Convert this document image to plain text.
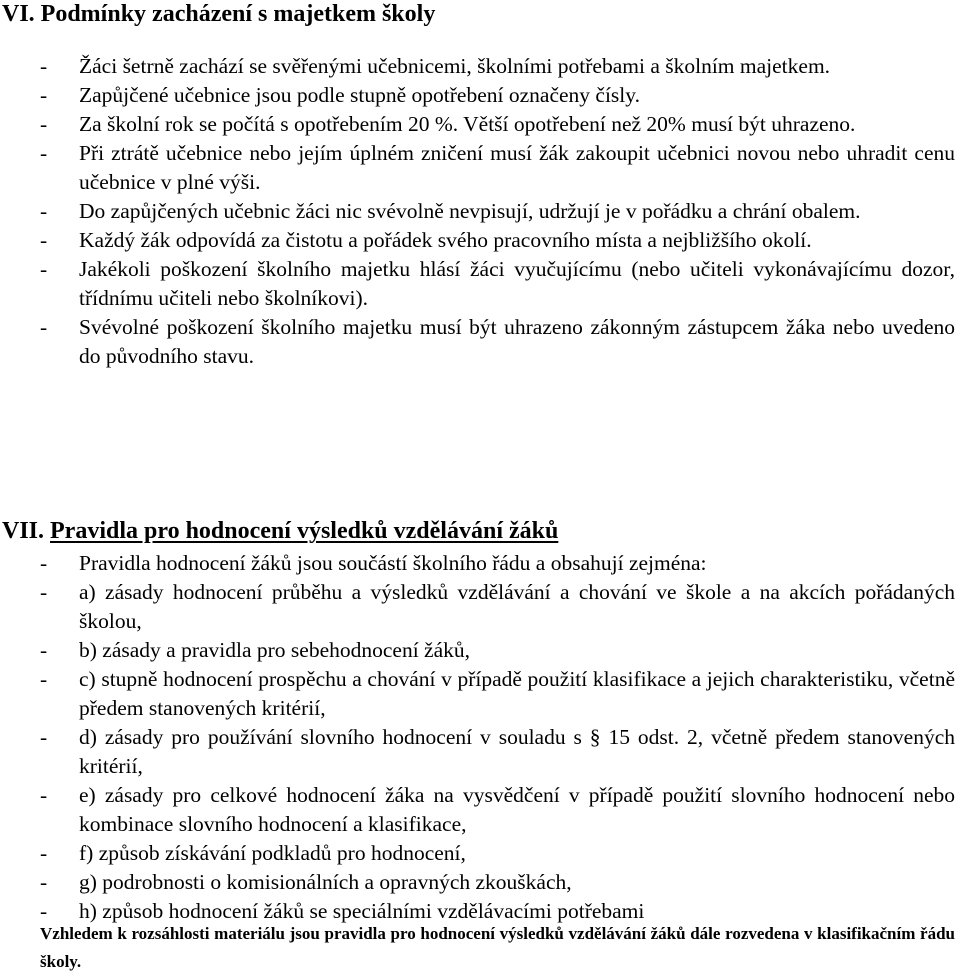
VI. Podmínky zacházení s majetkem školy
- Žáci šetrně zachází se svěřenými učebnicemi, školními potřebami a školním majetkem.
- Zapůjčené učebnice jsou podle stupně opotřebení označeny čísly.
- Za školní rok se počítá s opotřebením 20 %. Větší opotřebení než 20% musí být uhrazeno.
- Při ztrátě učebnice nebo jejím úplném zničení musí žák zakoupit učebnici novou nebo uhradit cenu učebnice v plné výši.
- Do zapůjčených učebnic žáci nic svévolně nevpisují, udržují je v pořádku a chrání obalem.
- Každý žák odpovídá za čistotu a pořádek svého pracovního místa a nejbližšího okolí.
- Jakékoli poškození školního majetku hlásí žáci vyučujícímu (nebo učiteli vykonávajícímu dozor, třídnímu učiteli nebo školníkovi).
- Svévolné poškození školního majetku musí být uhrazeno zákonným zástupcem žáka nebo uvedeno do původního stavu.
VII. Pravidla pro hodnocení výsledků vzdělávání žáků
- Pravidla hodnocení žáků jsou součástí školního řádu a obsahují zejména:
- a) zásady hodnocení průběhu a výsledků vzdělávání a chování ve škole a na akcích pořádaných školou,
- b) zásady a pravidla pro sebehodnocení žáků,
- c) stupně hodnocení prospěchu a chování v případě použití klasifikace a jejich charakteristiku, včetně předem stanovených kritérií,
- d) zásady pro používání slovního hodnocení v souladu s § 15 odst. 2, včetně předem stanovených kritérií,
- e) zásady pro celkové hodnocení žáka na vysvědčení v případě použití slovního hodnocení nebo kombinace slovního hodnocení a klasifikace,
- f) způsob získávání podkladů pro hodnocení,
- g) podrobnosti o komisionálních a opravných zkouškách,
- h) způsob hodnocení žáků se speciálními vzdělávacími potřebami

Vzhledem k rozsáhlosti materiálu jsou pravidla pro hodnocení výsledků vzdělávání žáků dále rozvedena v klasifikačním řádu školy.
